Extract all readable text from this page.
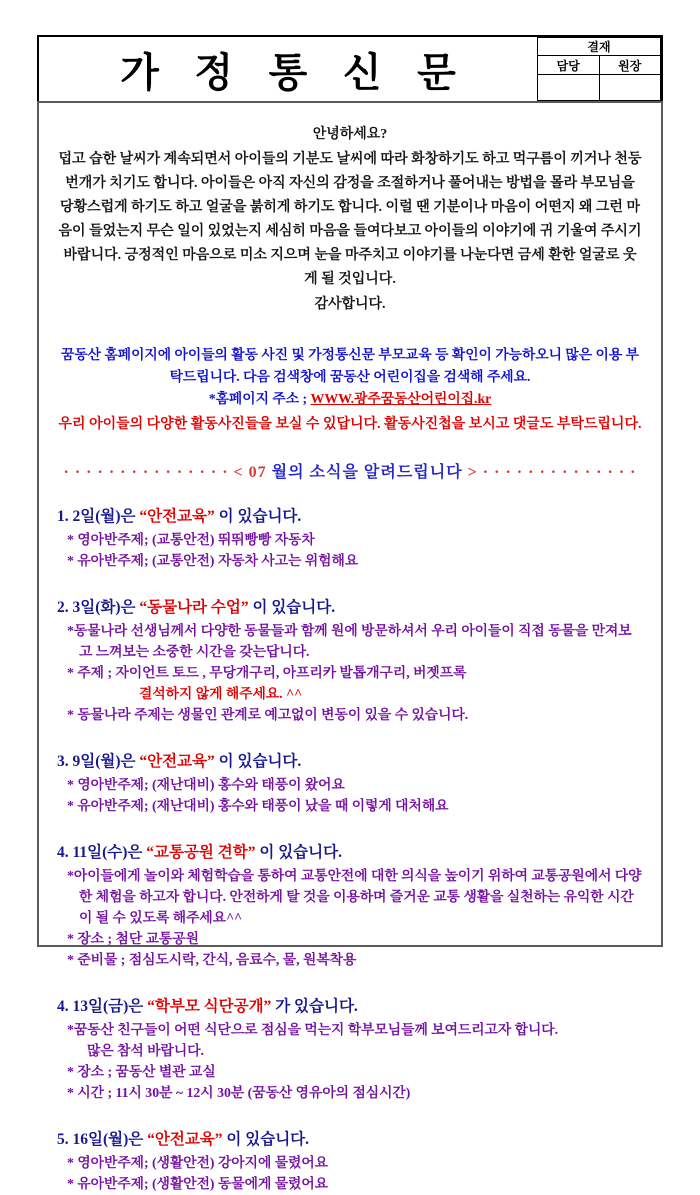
가 정 통 신 문
결재	
담당	원장

안녕하세요?
덥고 습한 날씨가 계속되면서 아이들의 기분도 날씨에 따라 화창하기도 하고 먹구름이 끼거나 천둥 번개가 치기도 합니다. 아이들은 아직 자신의 감정을 조절하거나 풀어내는 방법을 몰라 부모님을 당황스럽게 하기도 하고 얼굴을 붉히게 하기도 합니다. 이럴 땐 기분이나 마음이 어떤지 왜 그런 마음이 들었는지 무슨 일이 있었는지 세심히 마음을 들여다보고 아이들의 이야기에 귀 기울여 주시기 바랍니다. 긍정적인 마음으로 미소 지으며 눈을 마주치고 이야기를 나눈다면 금세 환한 얼굴로 웃게 될 것입니다.
감사합니다.
꿈동산 홈페이지에 아이들의 활동 사진 및 가정통신문 부모교육 등 확인이 가능하오니 많은 이용 부탁드립니다. 다음 검색창에 꿈동산 어린이집을 검색해 주세요.
*홈페이지 주소 ; WWW.광주꿈동산어린이집.kr
우리 아이들의 다양한 활동사진들을 보실 수 있답니다. 활동사진첩을 보시고 댓글도 부탁드립니다.
· · · · · · · · · · · · · · · < 07 월의 소식을 알려드립니다 > · · · · · · · · · · · · · ·
1. 2일(월)은 “안전교육” 이 있습니다.
* 영아반주제; (교통안전) 뛰뛰빵빵 자동차
* 유아반주제; (교통안전) 자동차 사고는 위험해요
2. 3일(화)은 “동물나라 수업” 이 있습니다.
*동물나라 선생님께서 다양한 동물들과 함께 원에 방문하셔서 우리 아이들이 직접 동물을 만져보고 느껴보는 소중한 시간을 갖는답니다.
* 주제 ; 자이언트 토드 , 무당개구리, 아프리카 발톱개구리, 버젯프록
결석하지 않게 해주세요. ^^
* 동물나라 주제는 생물인 관계로 예고없이 변동이 있을 수 있습니다.
3. 9일(월)은 “안전교육” 이 있습니다.
* 영아반주제; (재난대비) 홍수와 태풍이 왔어요
* 유아반주제; (재난대비) 홍수와 태풍이 났을 때 이렇게 대처해요
4. 11일(수)은 “교통공원 견학” 이 있습니다.
*아이들에게 놀이와 체험학습을 통하여 교통안전에 대한 의식을 높이기 위하여 교통공원에서 다양한 체험을 하고자 합니다. 안전하게 탈 것을 이용하며 즐거운 교통 생활을 실천하는 유익한 시간이 될 수 있도록 해주세요^^
* 장소 ; 첨단 교통공원
* 준비물 ; 점심도시락, 간식, 음료수, 물, 원복착용
4. 13일(금)은 “학부모 식단공개” 가 있습니다.
*꿈동산 친구들이 어떤 식단으로 점심을 먹는지 학부모님들께 보여드리고자 합니다.
많은 참석 바랍니다.
* 장소 ; 꿈동산 별관 교실
* 시간 ; 11시 30분 ~ 12시 30분 (꿈동산 영유아의 점심시간)
5. 16일(월)은 “안전교육” 이 있습니다.
* 영아반주제; (생활안전) 강아지에 물렸어요
* 유아반주제; (생활안전) 동물에게 물렸어요
